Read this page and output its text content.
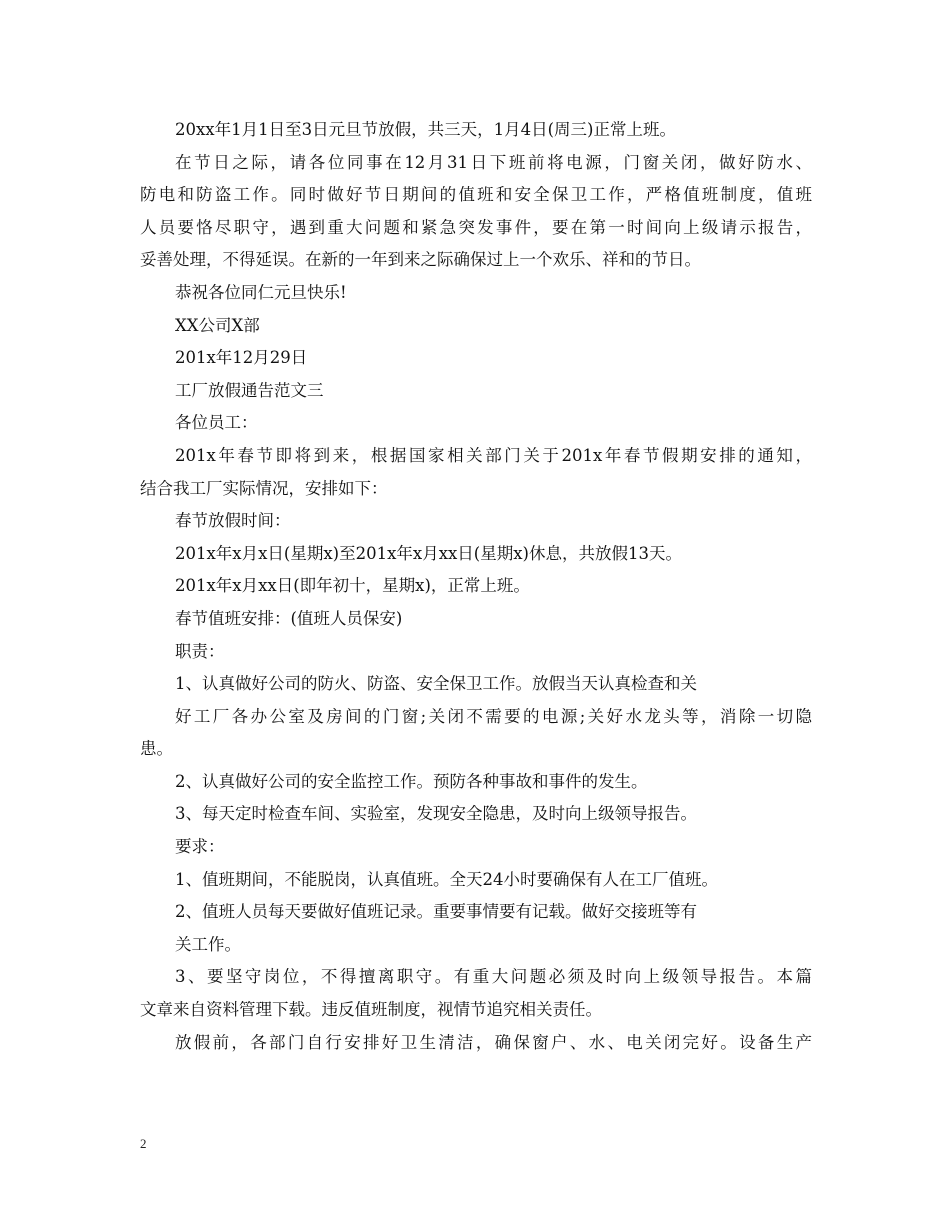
20xx年1月1日至3日元旦节放假，共三天，1月4日(周三)正常上班。
在节日之际，请各位同事在12月31日下班前将电源，门窗关闭，做好防水、
防电和防盗工作。同时做好节日期间的值班和安全保卫工作，严格值班制度，值班
人员要恪尽职守，遇到重大问题和紧急突发事件，要在第一时间向上级请示报告，
妥善处理，不得延误。在新的一年到来之际确保过上一个欢乐、祥和的节日。
恭祝各位同仁元旦快乐!
XX公司X部
201x年12月29日
工厂放假通告范文三
各位员工：
201x年春节即将到来，根据国家相关部门关于201x年春节假期安排的通知，
结合我工厂实际情况，安排如下：
春节放假时间：
201x年x月x日(星期x)至201x年x月xx日(星期x)休息，共放假13天。
201x年x月xx日(即年初十，星期x)，正常上班。
春节值班安排：(值班人员保安)
职责：
1、认真做好公司的防火、防盗、安全保卫工作。放假当天认真检查和关
好工厂各办公室及房间的门窗;关闭不需要的电源;关好水龙头等，消除一切隐
患。
2、认真做好公司的安全监控工作。预防各种事故和事件的发生。
3、每天定时检查车间、实验室，发现安全隐患，及时向上级领导报告。
要求：
1、值班期间，不能脱岗，认真值班。全天24小时要确保有人在工厂值班。
2、值班人员每天要做好值班记录。重要事情要有记载。做好交接班等有
关工作。
3、要坚守岗位，不得擅离职守。有重大问题必须及时向上级领导报告。本篇
文章来自资料管理下载。违反值班制度，视情节追究相关责任。
放假前，各部门自行安排好卫生清洁，确保窗户、水、电关闭完好。设备生产
2
